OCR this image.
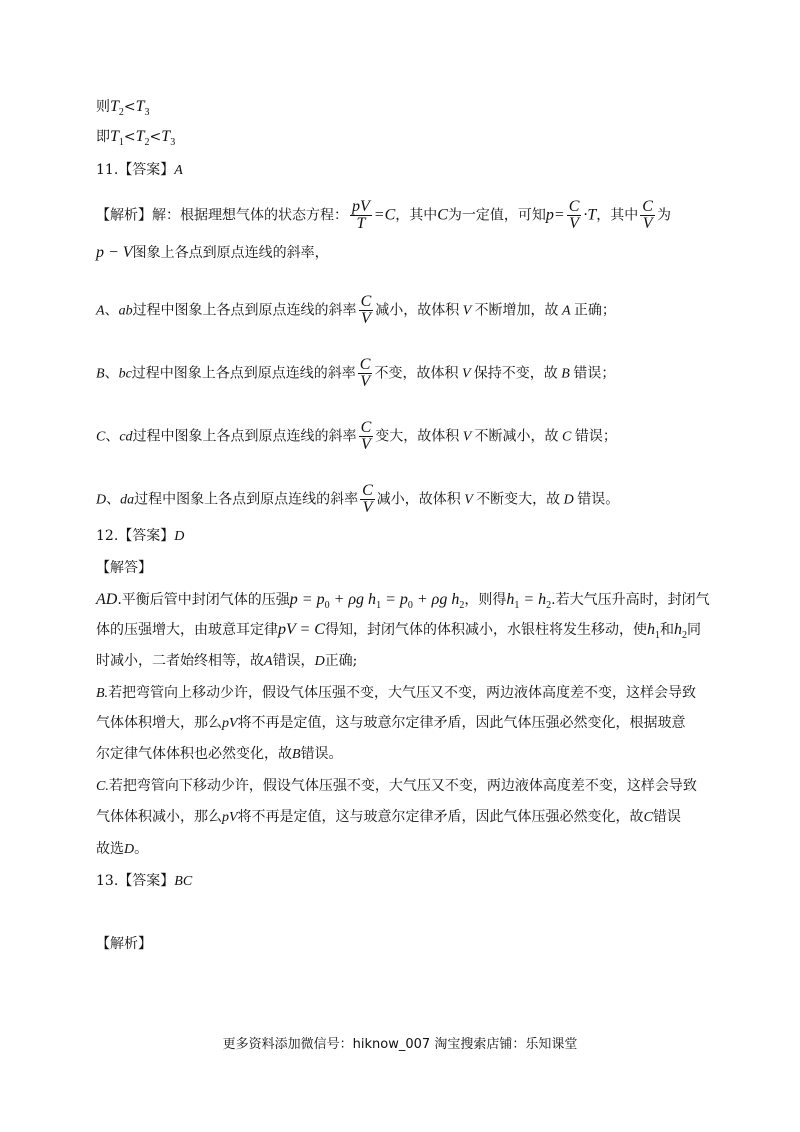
则$T_2<T_3$
即$T_1<T_2<T_3$
11.【答案】A
【解析】解：根据理想气体的状态方程： $\frac{pV}{T} =C$，其中C为一定值，可知$p= \frac{C}{V} \cdot T$，其中 $\frac{C}{V}$ 为
p − V图象上各点到原点连线的斜率，
A、ab过程中图象上各点到原点连线的斜率 $\frac{C}{V}$ 减小，故体积 V 不断增加，故 A 正确；
B、bc过程中图象上各点到原点连线的斜率 $\frac{C}{V}$ 不变，故体积 V 保持不变，故 B 错误；
C、cd过程中图象上各点到原点连线的斜率 $\frac{C}{V}$ 变大，故体积 V 不断减小，故 C 错误；
D、da过程中图象上各点到原点连线的斜率 $\frac{C}{V}$ 减小，故体积 V 不断变大，故 D 错误。
12.【答案】D
【解答】
AD.平衡后管中封闭气体的压强$p = p_0 + \rho g$ $h_1 = p_0 + \rho g$ $h_2$，则得$h_1 = h_2$.若大气压升高时，封闭气
体的压强增大，由玻意耳定律pV = C得知，封闭气体的体积减小，水银柱将发生移动，使$h_1$和$h_2$同
时减小，二者始终相等，故A错误，D正确;
B.若把弯管向上移动少许，假设气体压强不变，大气压又不变，两边液体高度差不变，这样会导致
气体体积增大，那么pV将不再是定值，这与玻意尔定律矛盾，因此气体压强必然变化，根据玻意
尔定律气体体积也必然变化，故B错误。
C.若把弯管向下移动少许，假设气体压强不变，大气压又不变，两边液体高度差不变，这样会导致
气体体积减小，那么pV将不再是定值，这与玻意尔定律矛盾，因此气体压强必然变化，故C错误
故选D。
13.【答案】BC
【解析】
更多资料添加微信号：hiknow_007 淘宝搜索店铺：乐知课堂
